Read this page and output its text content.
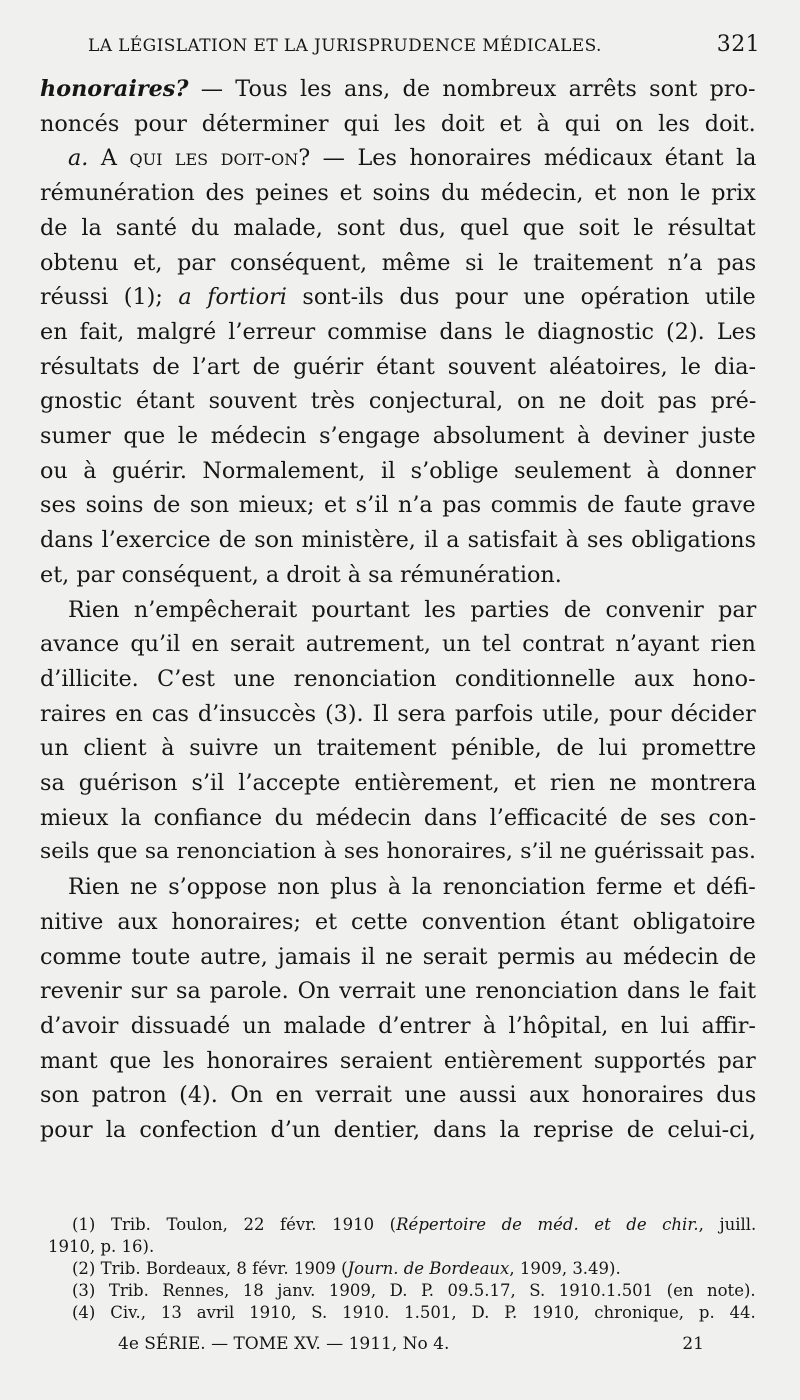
LA LÉGISLATION ET LA JURISPRUDENCE MÉDICALES.	321
honoraires? — Tous les ans, de nombreux arrêts sont pro-
noncés pour déterminer qui les doit et à qui on les doit.
a. A qui les doit-on? — Les honoraires médicaux étant la
rémunération des peines et soins du médecin, et non le prix
de la santé du malade, sont dus, quel que soit le résultat
obtenu et, par conséquent, même si le traitement n’a pas
réussi (1); a fortiori sont-ils dus pour une opération utile
en fait, malgré l’erreur commise dans le diagnostic (2). Les
résultats de l’art de guérir étant souvent aléatoires, le dia-
gnostic étant souvent très conjectural, on ne doit pas pré-
sumer que le médecin s’engage absolument à deviner juste
ou à guérir. Normalement, il s’oblige seulement à donner
ses soins de son mieux; et s’il n’a pas commis de faute grave
dans l’exercice de son ministère, il a satisfait à ses obligations
et, par conséquent, a droit à sa rémunération.
Rien n’empêcherait pourtant les parties de convenir par
avance qu’il en serait autrement, un tel contrat n’ayant rien
d’illicite. C’est une renonciation conditionnelle aux hono-
raires en cas d’insuccès (3). Il sera parfois utile, pour décider
un client à suivre un traitement pénible, de lui promettre
sa guérison s’il l’accepte entièrement, et rien ne montrera
mieux la confiance du médecin dans l’efficacité de ses con-
seils que sa renonciation à ses honoraires, s’il ne guérissait pas.
Rien ne s’oppose non plus à la renonciation ferme et défi-
nitive aux honoraires; et cette convention étant obligatoire
comme toute autre, jamais il ne serait permis au médecin de
revenir sur sa parole. On verrait une renonciation dans le fait
d’avoir dissuadé un malade d’entrer à l’hôpital, en lui affir-
mant que les honoraires seraient entièrement supportés par
son patron (4). On en verrait une aussi aux honoraires dus
pour la confection d’un dentier, dans la reprise de celui-ci,
(1) Trib. Toulon, 22 févr. 1910 (Répertoire de méd. et de chir., juill.
1910, p. 16).
(2) Trib. Bordeaux, 8 févr. 1909 (Journ. de Bordeaux, 1909, 3.49).
(3) Trib. Rennes, 18 janv. 1909, D. P. 09.5.17, S. 1910.1.501 (en note).
(4) Civ., 13 avril 1910, S. 1910. 1.501, D. P. 1910, chronique, p. 44.
4e SÉRIE. — TOME XV. — 1911, No 4.	21
